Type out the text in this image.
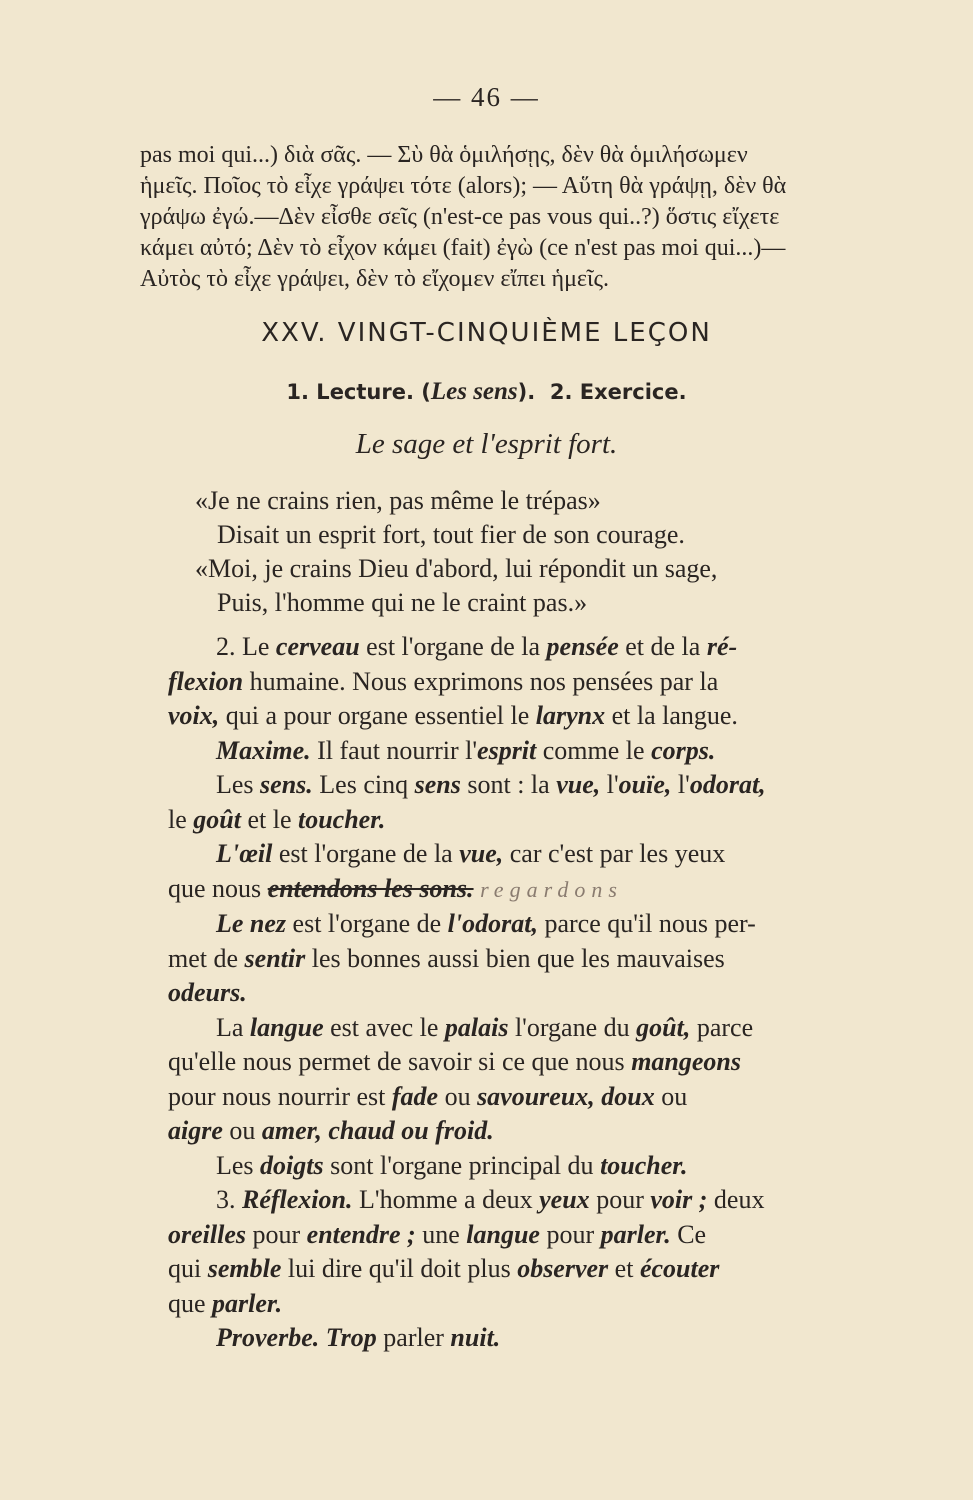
— 46 —
pas moi qui...) διὰ σᾶς. — Σὺ θὰ ὁμιλήσῃς, δὲν θὰ ὁμιλήσωμεν
ἡμεῖς. Ποῖος τὸ εἶχε γράψει τότε (alors); — Αὕτη θὰ γράψῃ, δὲν θὰ
γράψω ἐγώ.—Δὲν εἶσθε σεῖς (n'est-ce pas vous qui..?) ὅστις εἴχετε
κάμει αὐτό; Δὲν τὸ εἶχον κάμει (fait) ἐγὼ (ce n'est pas moi qui...)—
Αὐτὸς τὸ εἶχε γράψει, δὲν τὸ εἴχομεν εἴπει ἡμεῖς.
XXV. VINGT-CINQUIÈME LEÇON
1. Lecture. (Les sens). 2. Exercice.
Le sage et l'esprit fort.
«Je ne crains rien, pas même le trépas»
Disait un esprit fort, tout fier de son courage.
«Moi, je crains Dieu d'abord, lui répondit un sage,
Puis, l'homme qui ne le craint pas.»
2. Le cerveau est l'organe de la pensée et de la ré-
flexion humaine. Nous exprimons nos pensées par la
voix, qui a pour organe essentiel le larynx et la langue.
Maxime. Il faut nourrir l'esprit comme le corps.
Les sens. Les cinq sens sont : la vue, l'ouïe, l'odorat,
le goût et le toucher.
L'œil est l'organe de la vue, car c'est par les yeux
que nous entendons les sons. regardons
Le nez est l'organe de l'odorat, parce qu'il nous per-
met de sentir les bonnes aussi bien que les mauvaises
odeurs.
La langue est avec le palais l'organe du goût, parce
qu'elle nous permet de savoir si ce que nous mangeons
pour nous nourrir est fade ou savoureux, doux ou
aigre ou amer, chaud ou froid.
Les doigts sont l'organe principal du toucher.
3. Réflexion. L'homme a deux yeux pour voir ; deux
oreilles pour entendre ; une langue pour parler. Ce
qui semble lui dire qu'il doit plus observer et écouter
que parler.
Proverbe. Trop parler nuit.
